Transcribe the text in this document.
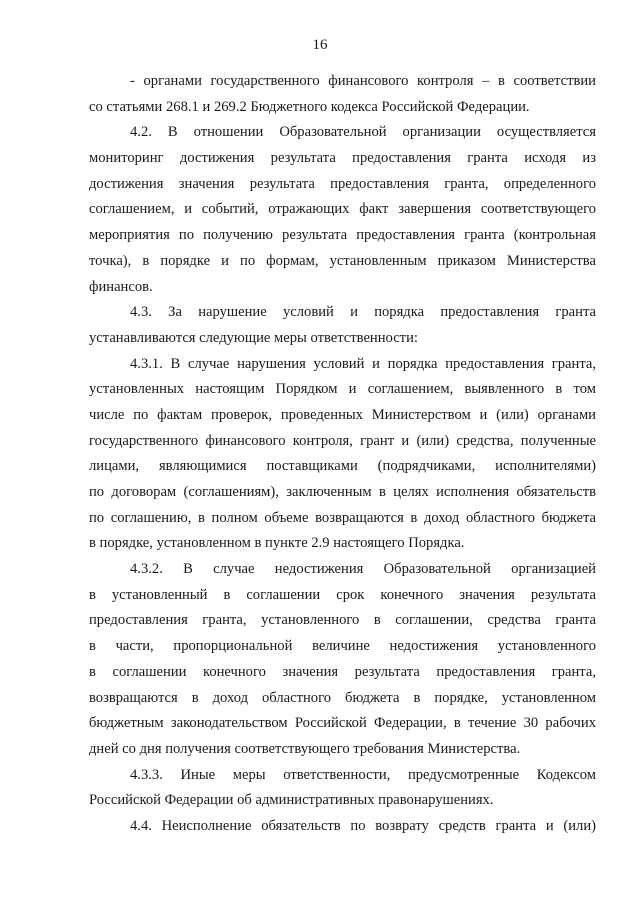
16
- органами государственного финансового контроля – в соответствии
со статьями 268.1 и 269.2 Бюджетного кодекса Российской Федерации.
4.2. В отношении Образовательной организации осуществляется
мониторинг достижения результата предоставления гранта исходя из
достижения значения результата предоставления гранта, определенного
соглашением, и событий, отражающих факт завершения соответствующего
мероприятия по получению результата предоставления гранта (контрольная
точка), в порядке и по формам, установленным приказом Министерства
финансов.
4.3. За нарушение условий и порядка предоставления гранта
устанавливаются следующие меры ответственности:
4.3.1. В случае нарушения условий и порядка предоставления гранта,
установленных настоящим Порядком и соглашением, выявленного в том
числе по фактам проверок, проведенных Министерством и (или) органами
государственного финансового контроля, грант и (или) средства, полученные
лицами, являющимися поставщиками (подрядчиками, исполнителями)
по договорам (соглашениям), заключенным в целях исполнения обязательств
по соглашению, в полном объеме возвращаются в доход областного бюджета
в порядке, установленном в пункте 2.9 настоящего Порядка.
4.3.2. В случае недостижения Образовательной организацией
в установленный в соглашении срок конечного значения результата
предоставления гранта, установленного в соглашении, средства гранта
в части, пропорциональной величине недостижения установленного
в соглашении конечного значения результата предоставления гранта,
возвращаются в доход областного бюджета в порядке, установленном
бюджетным законодательством Российской Федерации, в течение 30 рабочих
дней со дня получения соответствующего требования Министерства.
4.3.3. Иные меры ответственности, предусмотренные Кодексом
Российской Федерации об административных правонарушениях.
4.4. Неисполнение обязательств по возврату средств гранта и (или)
